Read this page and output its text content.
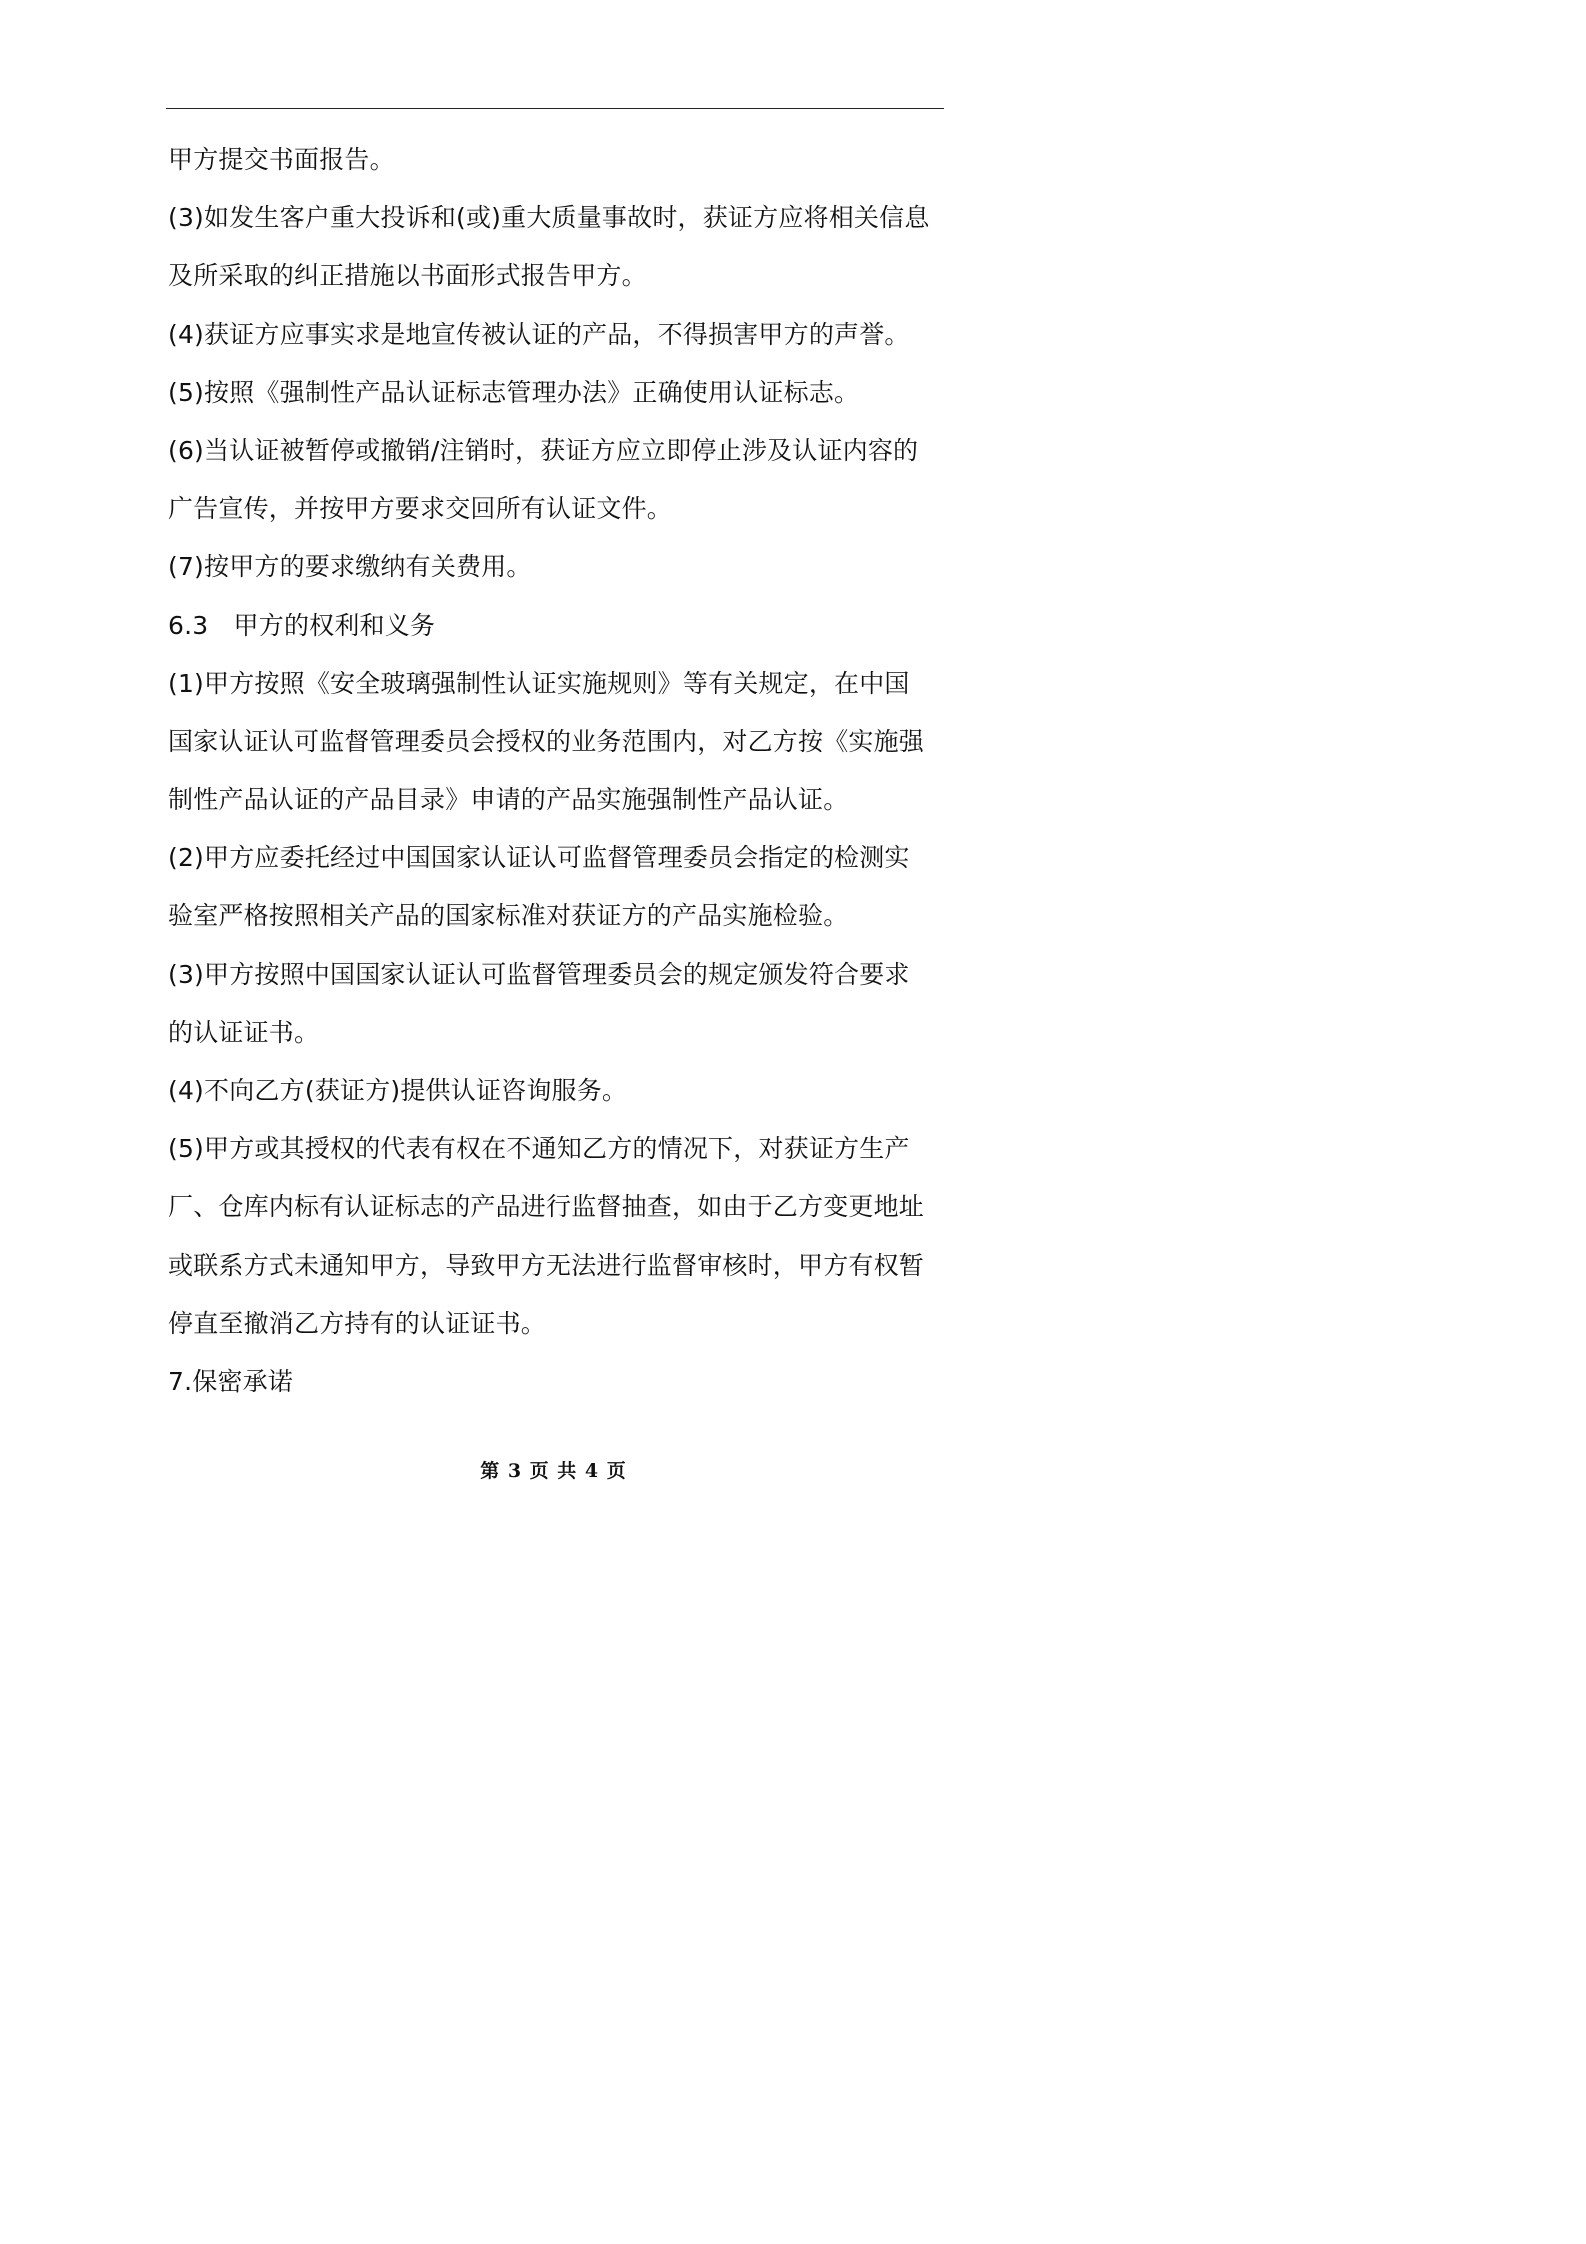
甲方提交书面报告。
(3)如发生客户重大投诉和(或)重大质量事故时，获证方应将相关信息
及所采取的纠正措施以书面形式报告甲方。
(4)获证方应事实求是地宣传被认证的产品，不得损害甲方的声誉。
(5)按照《强制性产品认证标志管理办法》正确使用认证标志。
(6)当认证被暂停或撤销/注销时，获证方应立即停止涉及认证内容的
广告宣传，并按甲方要求交回所有认证文件。
(7)按甲方的要求缴纳有关费用。
6.3　甲方的权利和义务
(1)甲方按照《安全玻璃强制性认证实施规则》等有关规定，在中国
国家认证认可监督管理委员会授权的业务范围内，对乙方按《实施强
制性产品认证的产品目录》申请的产品实施强制性产品认证。
(2)甲方应委托经过中国国家认证认可监督管理委员会指定的检测实
验室严格按照相关产品的国家标准对获证方的产品实施检验。
(3)甲方按照中国国家认证认可监督管理委员会的规定颁发符合要求
的认证证书。
(4)不向乙方(获证方)提供认证咨询服务。
(5)甲方或其授权的代表有权在不通知乙方的情况下，对获证方生产
厂、仓库内标有认证标志的产品进行监督抽查，如由于乙方变更地址
或联系方式未通知甲方，导致甲方无法进行监督审核时，甲方有权暂
停直至撤消乙方持有的认证证书。
7.保密承诺
第 3 页 共 4 页
